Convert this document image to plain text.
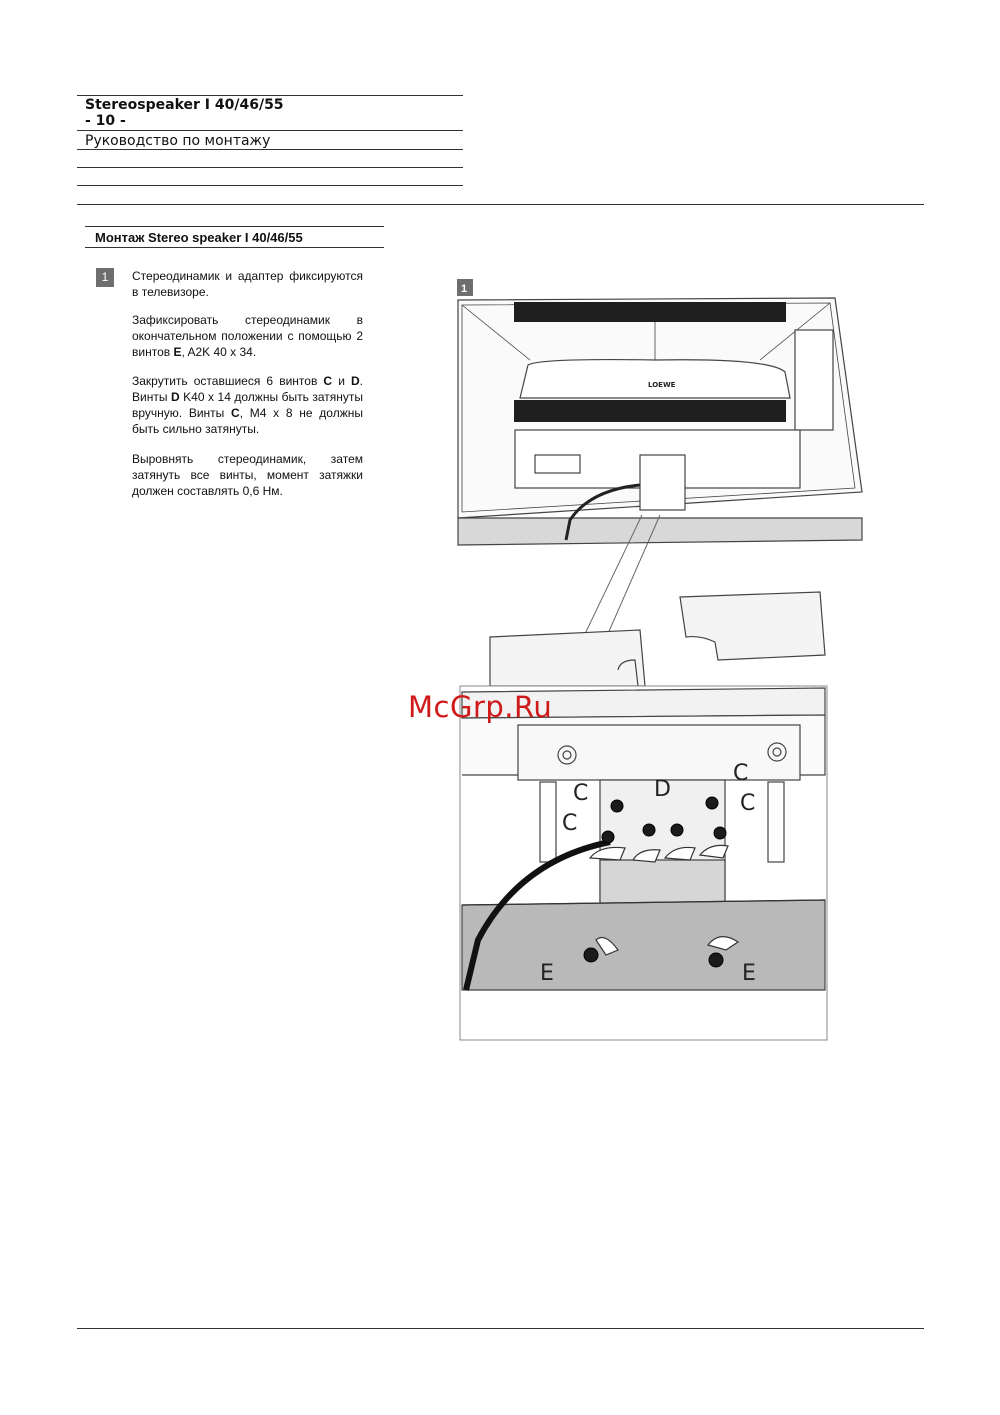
Stereospeaker I 40/46/55
- 10 -
Руководство по монтажу
Монтаж Stereo speaker I 40/46/55
1	Стереодинамик и адаптер фиксируются в телевизоре.
Зафиксировать стереодинамик в окончательном положении с помощью 2 винтов E, A2K 40 x 34.
Закрутить оставшиеся 6 винтов C и D. Винты D K40 x 14 должны быть затянуты вручную. Винты C, M4 x 8 не должны быть сильно затянуты.
Выровнять стереодинамик, затем затянуть все винты, момент затяжки должен составлять 0,6 Нм.
LOEWE
1
C
C
D
C
C
E	E
McGrp.Ru
